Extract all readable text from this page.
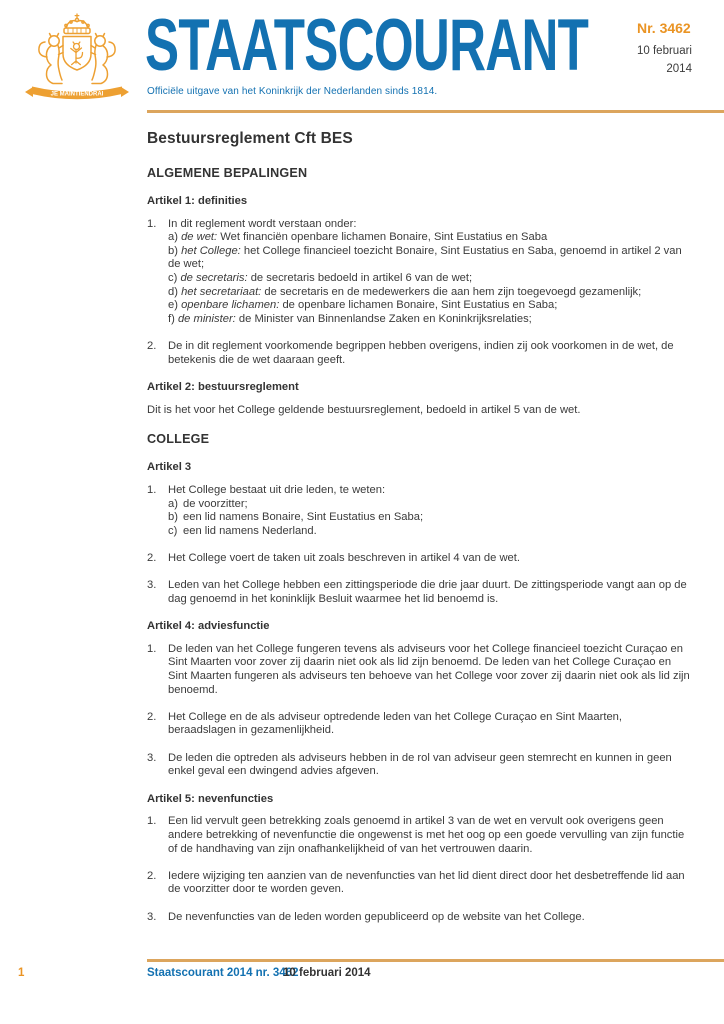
JE MAINTIENDRAI
STAATSCOURANT
Officiële uitgave van het Koninkrijk der Nederlanden sinds 1814.
Nr. 3462
10 februari
2014
Bestuursreglement Cft BES
ALGEMENE BEPALINGEN
Artikel 1: definities
1. In dit reglement wordt verstaan onder:
a) de wet: Wet financiën openbare lichamen Bonaire, Sint Eustatius en Saba
b) het College: het College financieel toezicht Bonaire, Sint Eustatius en Saba, genoemd in artikel 2 van de wet;
c) de secretaris: de secretaris bedoeld in artikel 6 van de wet;
d) het secretariaat: de secretaris en de medewerkers die aan hem zijn toegevoegd gezamenlijk;
e) openbare lichamen: de openbare lichamen Bonaire, Sint Eustatius en Saba;
f) de minister: de Minister van Binnenlandse Zaken en Koninkrijksrelaties;
2. De in dit reglement voorkomende begrippen hebben overigens, indien zij ook voorkomen in de wet, de betekenis die de wet daaraan geeft.
Artikel 2: bestuursreglement
Dit is het voor het College geldende bestuursreglement, bedoeld in artikel 5 van de wet.
COLLEGE
Artikel 3
1. Het College bestaat uit drie leden, te weten:
a) de voorzitter;
b) een lid namens Bonaire, Sint Eustatius en Saba;
c) een lid namens Nederland.
2. Het College voert de taken uit zoals beschreven in artikel 4 van de wet.
3. Leden van het College hebben een zittingsperiode die drie jaar duurt. De zittingsperiode vangt aan op de dag genoemd in het koninklijk Besluit waarmee het lid benoemd is.
Artikel 4: adviesfunctie
1. De leden van het College fungeren tevens als adviseurs voor het College financieel toezicht Curaçao en Sint Maarten voor zover zij daarin niet ook als lid zijn benoemd. De leden van het College Curaçao en Sint Maarten fungeren als adviseurs ten behoeve van het College voor zover zij daarin niet ook als lid zijn benoemd.
2. Het College en de als adviseur optredende leden van het College Curaçao en Sint Maarten, beraadslagen in gezamenlijkheid.
3. De leden die optreden als adviseurs hebben in de rol van adviseur geen stemrecht en kunnen in geen enkel geval een dwingend advies afgeven.
Artikel 5: nevenfuncties
1. Een lid vervult geen betrekking zoals genoemd in artikel 3 van de wet en vervult ook overigens geen andere betrekking of nevenfunctie die ongewenst is met het oog op een goede vervulling van zijn functie of de handhaving van zijn onafhankelijkheid of van het vertrouwen daarin.
2. Iedere wijziging ten aanzien van de nevenfuncties van het lid dient direct door het desbetreffende lid aan de voorzitter door te worden geven.
3. De nevenfuncties van de leden worden gepubliceerd op de website van het College.
1	Staatscourant 2014 nr. 3462
10 februari 2014
